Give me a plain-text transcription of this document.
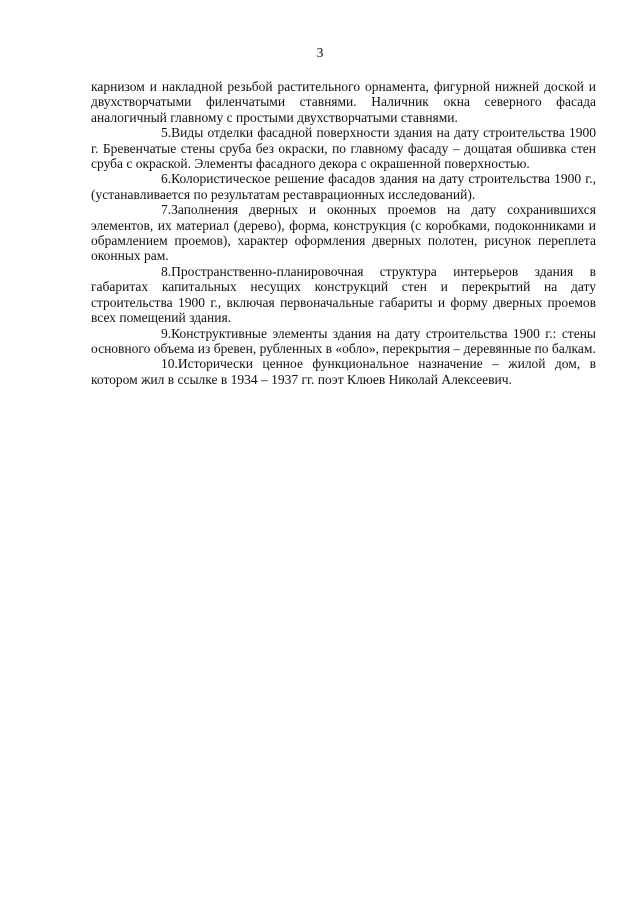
3

карнизом и накладной резьбой растительного орнамента, фигурной нижней доской и двухстворчатыми филенчатыми ставнями. Наличник окна северного фасада аналогичный главному с простыми двухстворчатыми ставнями.

5.Виды отделки фасадной поверхности здания на дату строительства 1900 г. Бревенчатые стены сруба без окраски, по главному фасаду – дощатая обшивка стен сруба с окраской. Элементы фасадного декора с окрашенной поверхностью.

6.Колористическое решение фасадов здания на дату строительства 1900 г., (устанавливается по результатам реставрационных исследований).

7.Заполнения дверных и оконных проемов на дату сохранившихся элементов, их материал (дерево), форма, конструкция (с коробками, подоконниками и обрамлением проемов), характер оформления дверных полотен, рисунок переплета оконных рам.

8.Пространственно-планировочная структура интерьеров здания в габаритах капитальных несущих конструкций стен и перекрытий на дату строительства 1900 г., включая первоначальные габариты и форму дверных проемов всех помещений здания.

9.Конструктивные элементы здания на дату строительства 1900 г.: стены основного объема из бревен, рубленных в «обло», перекрытия – деревянные по балкам.

10.Исторически ценное функциональное назначение – жилой дом, в котором жил в ссылке в 1934 – 1937 гг. поэт Клюев Николай Алексеевич.
